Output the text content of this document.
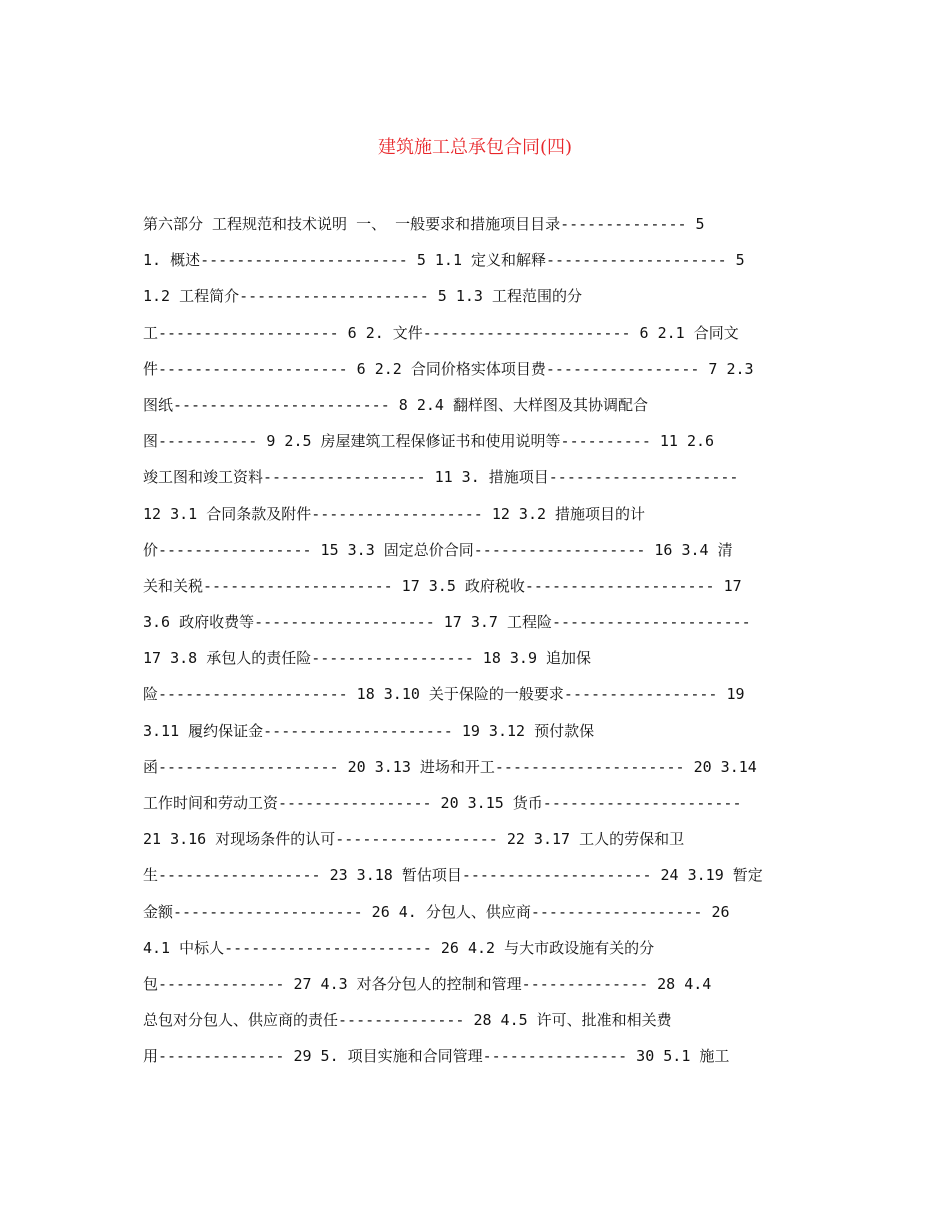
建筑施工总承包合同(四)
第六部分 工程规范和技术说明 一、 一般要求和措施项目目录-------------- 5
1. 概述----------------------- 5 1.1 定义和解释-------------------- 5
1.2 工程简介--------------------- 5 1.3 工程范围的分
工-------------------- 6 2. 文件----------------------- 6 2.1 合同文
件--------------------- 6 2.2 合同价格实体项目费----------------- 7 2.3
图纸------------------------ 8 2.4 翻样图、大样图及其协调配合
图----------- 9 2.5 房屋建筑工程保修证书和使用说明等---------- 11 2.6
竣工图和竣工资料------------------ 11 3. 措施项目---------------------
12 3.1 合同条款及附件------------------- 12 3.2 措施项目的计
价----------------- 15 3.3 固定总价合同------------------- 16 3.4 清
关和关税--------------------- 17 3.5 政府税收--------------------- 17
3.6 政府收费等-------------------- 17 3.7 工程险----------------------
17 3.8 承包人的责任险------------------ 18 3.9 追加保
险--------------------- 18 3.10 关于保险的一般要求----------------- 19
3.11 履约保证金--------------------- 19 3.12 预付款保
函-------------------- 20 3.13 进场和开工--------------------- 20 3.14
工作时间和劳动工资----------------- 20 3.15 货币----------------------
21 3.16 对现场条件的认可------------------ 22 3.17 工人的劳保和卫
生------------------ 23 3.18 暂估项目--------------------- 24 3.19 暂定
金额--------------------- 26 4. 分包人、供应商------------------- 26
4.1 中标人----------------------- 26 4.2 与大市政设施有关的分
包-------------- 27 4.3 对各分包人的控制和管理-------------- 28 4.4
总包对分包人、供应商的责任-------------- 28 4.5 许可、批准和相关费
用-------------- 29 5. 项目实施和合同管理---------------- 30 5.1 施工
